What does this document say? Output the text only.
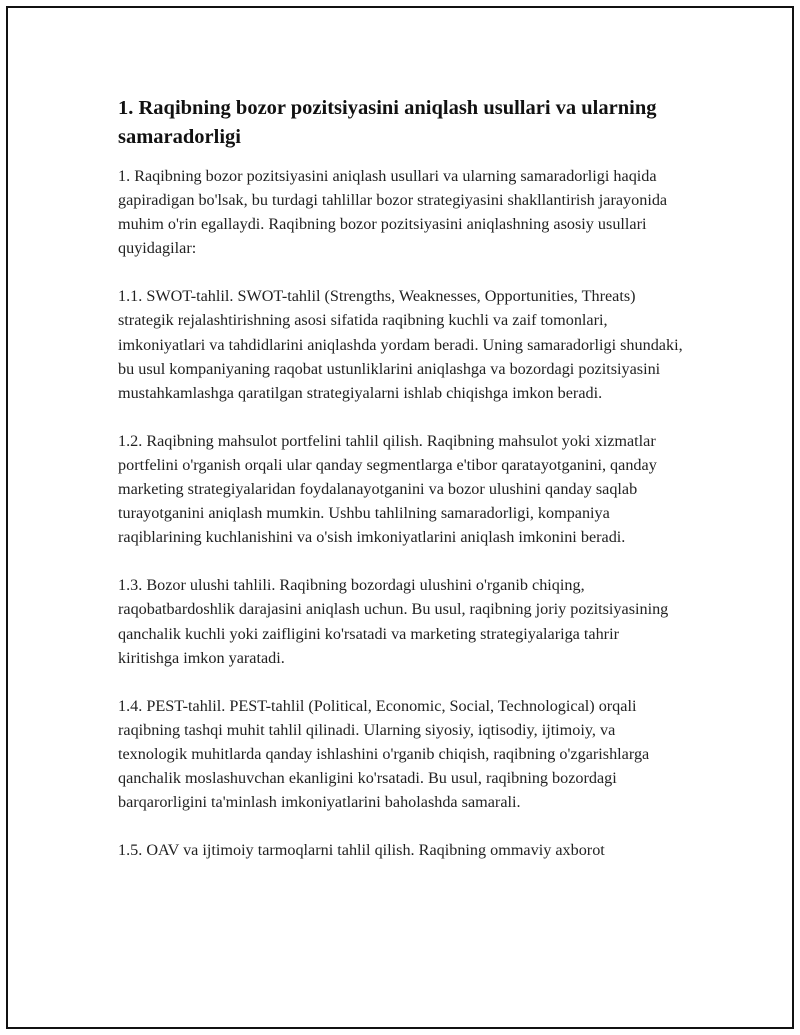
1. Raqibning bozor pozitsiyasini aniqlash usullari va ularning samaradorligi

1. Raqibning bozor pozitsiyasini aniqlash usullari va ularning samaradorligi haqida gapiradigan bo'lsak, bu turdagi tahlillar bozor strategiyasini shakllantirish jarayonida muhim o'rin egallaydi. Raqibning bozor pozitsiyasini aniqlashning asosiy usullari quyidagilar:

1.1. SWOT-tahlil. SWOT-tahlil (Strengths, Weaknesses, Opportunities, Threats) strategik rejalashtirishning asosi sifatida raqibning kuchli va zaif tomonlari, imkoniyatlari va tahdidlarini aniqlashda yordam beradi. Uning samaradorligi shundaki, bu usul kompaniyaning raqobat ustunliklarini aniqlashga va bozordagi pozitsiyasini mustahkamlashga qaratilgan strategiyalarni ishlab chiqishga imkon beradi.

1.2. Raqibning mahsulot portfelini tahlil qilish. Raqibning mahsulot yoki xizmatlar portfelini o'rganish orqali ular qanday segmentlarga e'tibor qaratayotganini, qanday marketing strategiyalaridan foydalanayotganini va bozor ulushini qanday saqlab turayotganini aniqlash mumkin. Ushbu tahlilning samaradorligi, kompaniya raqiblarining kuchlanishini va o'sish imkoniyatlarini aniqlash imkonini beradi.

1.3. Bozor ulushi tahlili. Raqibning bozordagi ulushini o'rganib chiqing, raqobatbardoshlik darajasini aniqlash uchun. Bu usul, raqibning joriy pozitsiyasining qanchalik kuchli yoki zaifligini ko'rsatadi va marketing strategiyalariga tahrir kiritishga imkon yaratadi.

1.4. PEST-tahlil. PEST-tahlil (Political, Economic, Social, Technological) orqali raqibning tashqi muhit tahlil qilinadi. Ularning siyosiy, iqtisodiy, ijtimoiy, va texnologik muhitlarda qanday ishlashini o'rganib chiqish, raqibning o'zgarishlarga qanchalik moslashuvchan ekanligini ko'rsatadi. Bu usul, raqibning bozordagi barqarorligini ta'minlash imkoniyatlarini baholashda samarali.

1.5. OAV va ijtimoiy tarmoqlarni tahlil qilish. Raqibning ommaviy axborot
